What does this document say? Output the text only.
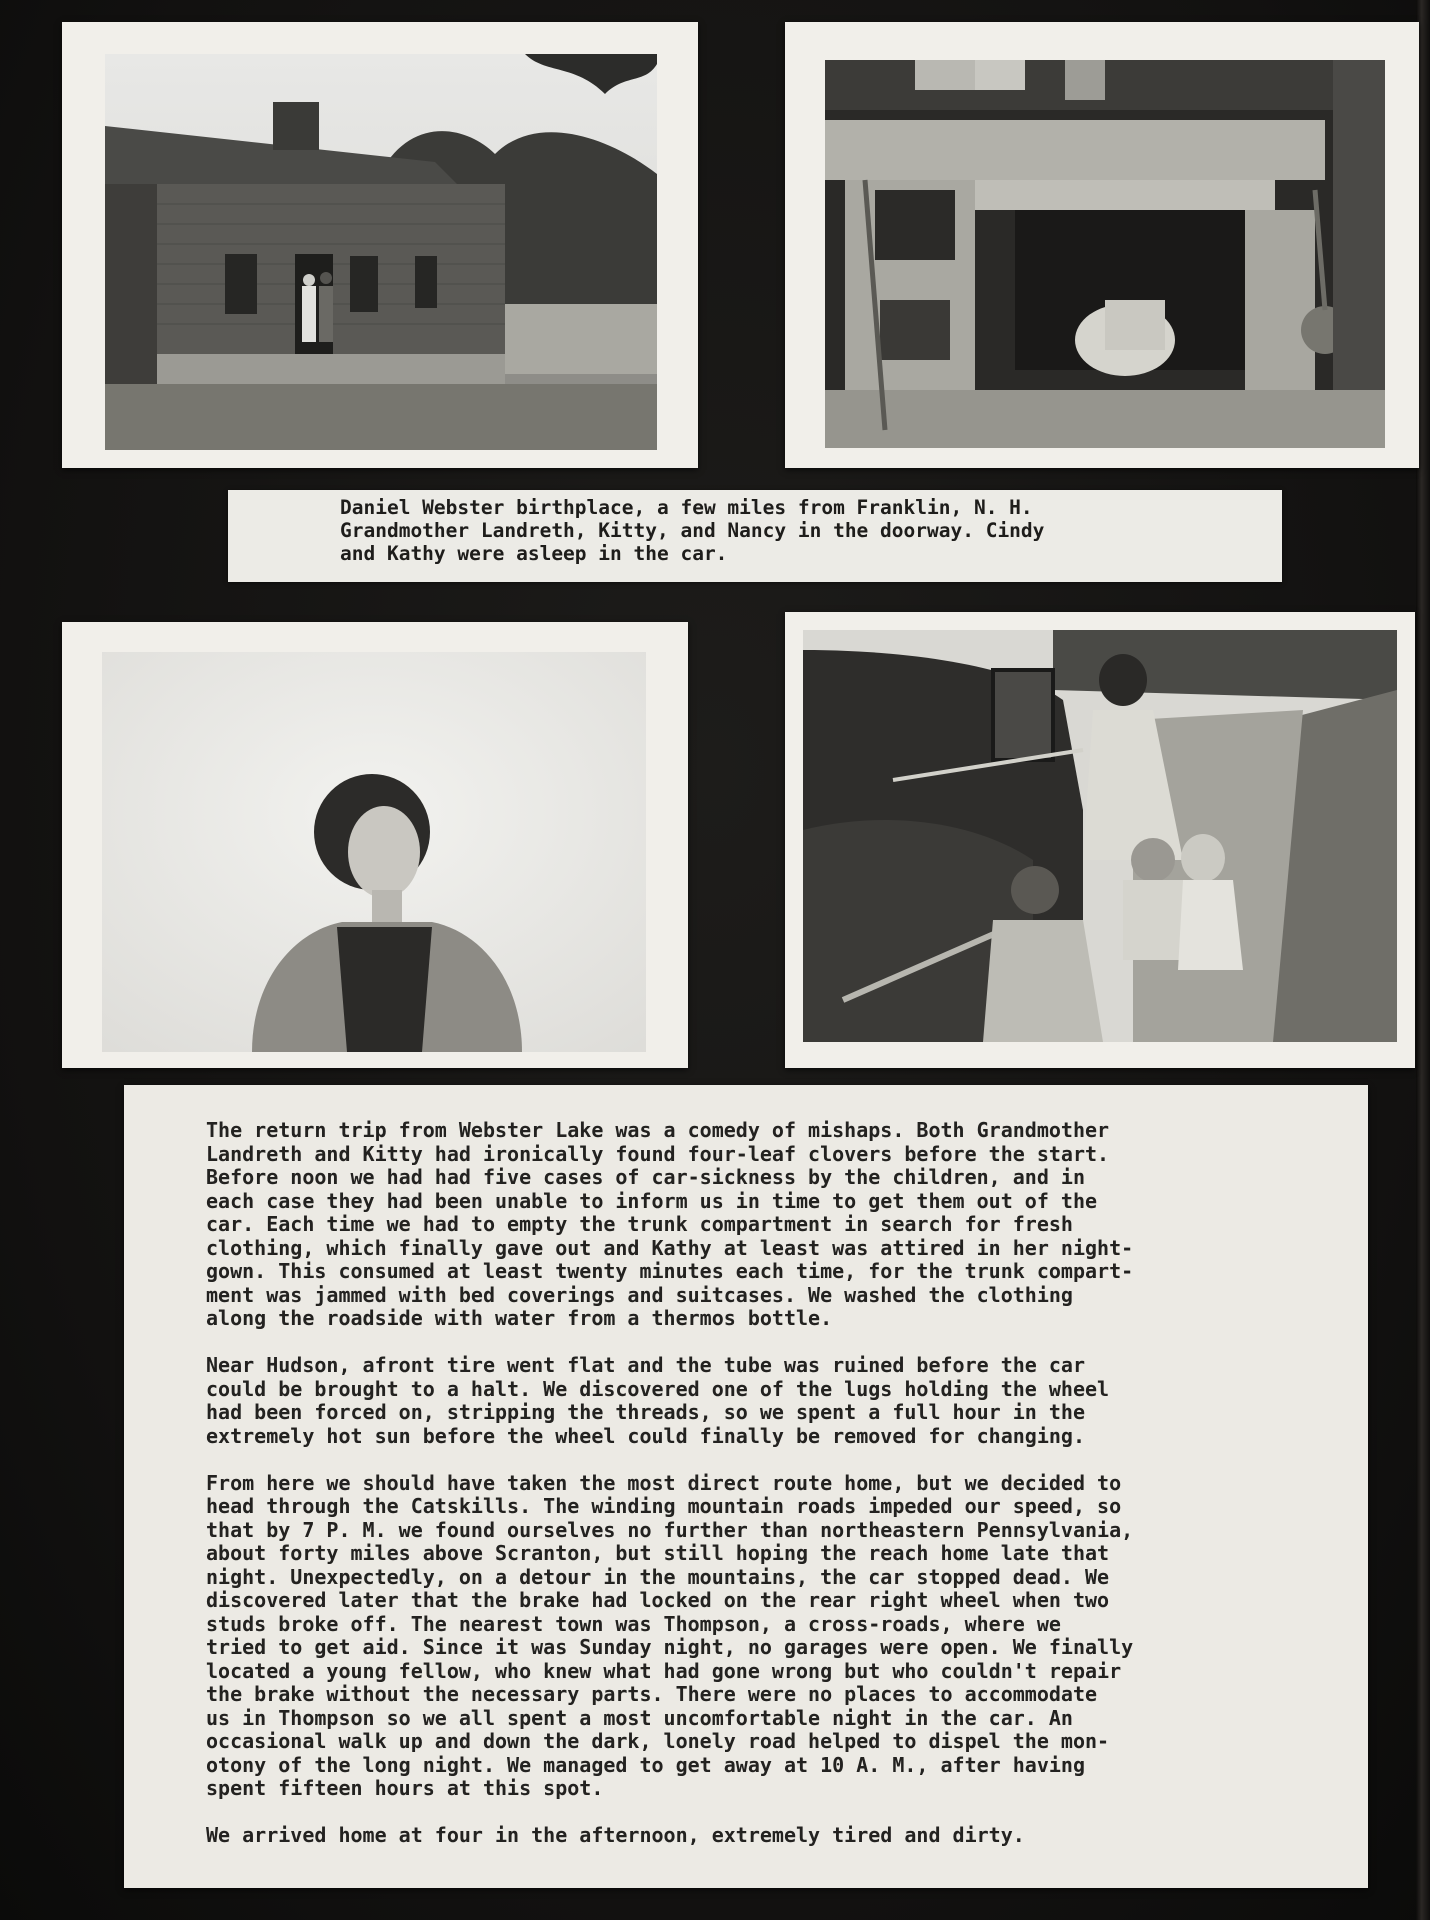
Daniel Webster birthplace, a few miles from Franklin, N. H.
Grandmother Landreth, Kitty, and Nancy in the doorway. Cindy
and Kathy were asleep in the car.
The return trip from Webster Lake was a comedy of mishaps. Both Grandmother
Landreth and Kitty had ironically found four-leaf clovers before the start.
Before noon we had had five cases of car-sickness by the children, and in
each case they had been unable to inform us in time to get them out of the
car. Each time we had to empty the trunk compartment in search for fresh
clothing, which finally gave out and Kathy at least was attired in her night-
gown. This consumed at least twenty minutes each time, for the trunk compart-
ment was jammed with bed coverings and suitcases. We washed the clothing
along the roadside with water from a thermos bottle.
Near Hudson, afront tire went flat and the tube was ruined before the car
could be brought to a halt. We discovered one of the lugs holding the wheel
had been forced on, stripping the threads, so we spent a full hour in the
extremely hot sun before the wheel could finally be removed for changing.
From here we should have taken the most direct route home, but we decided to
head through the Catskills. The winding mountain roads impeded our speed, so
that by 7 P. M. we found ourselves no further than northeastern Pennsylvania,
about forty miles above Scranton, but still hoping the reach home late that
night. Unexpectedly, on a detour in the mountains, the car stopped dead. We
discovered later that the brake had locked on the rear right wheel when two
studs broke off. The nearest town was Thompson, a cross-roads, where we
tried to get aid. Since it was Sunday night, no garages were open. We finally
located a young fellow, who knew what had gone wrong but who couldn't repair
the brake without the necessary parts. There were no places to accommodate
us in Thompson so we all spent a most uncomfortable night in the car. An
occasional walk up and down the dark, lonely road helped to dispel the mon-
otony of the long night. We managed to get away at 10 A. M., after having
spent fifteen hours at this spot.
We arrived home at four in the afternoon, extremely tired and dirty.
